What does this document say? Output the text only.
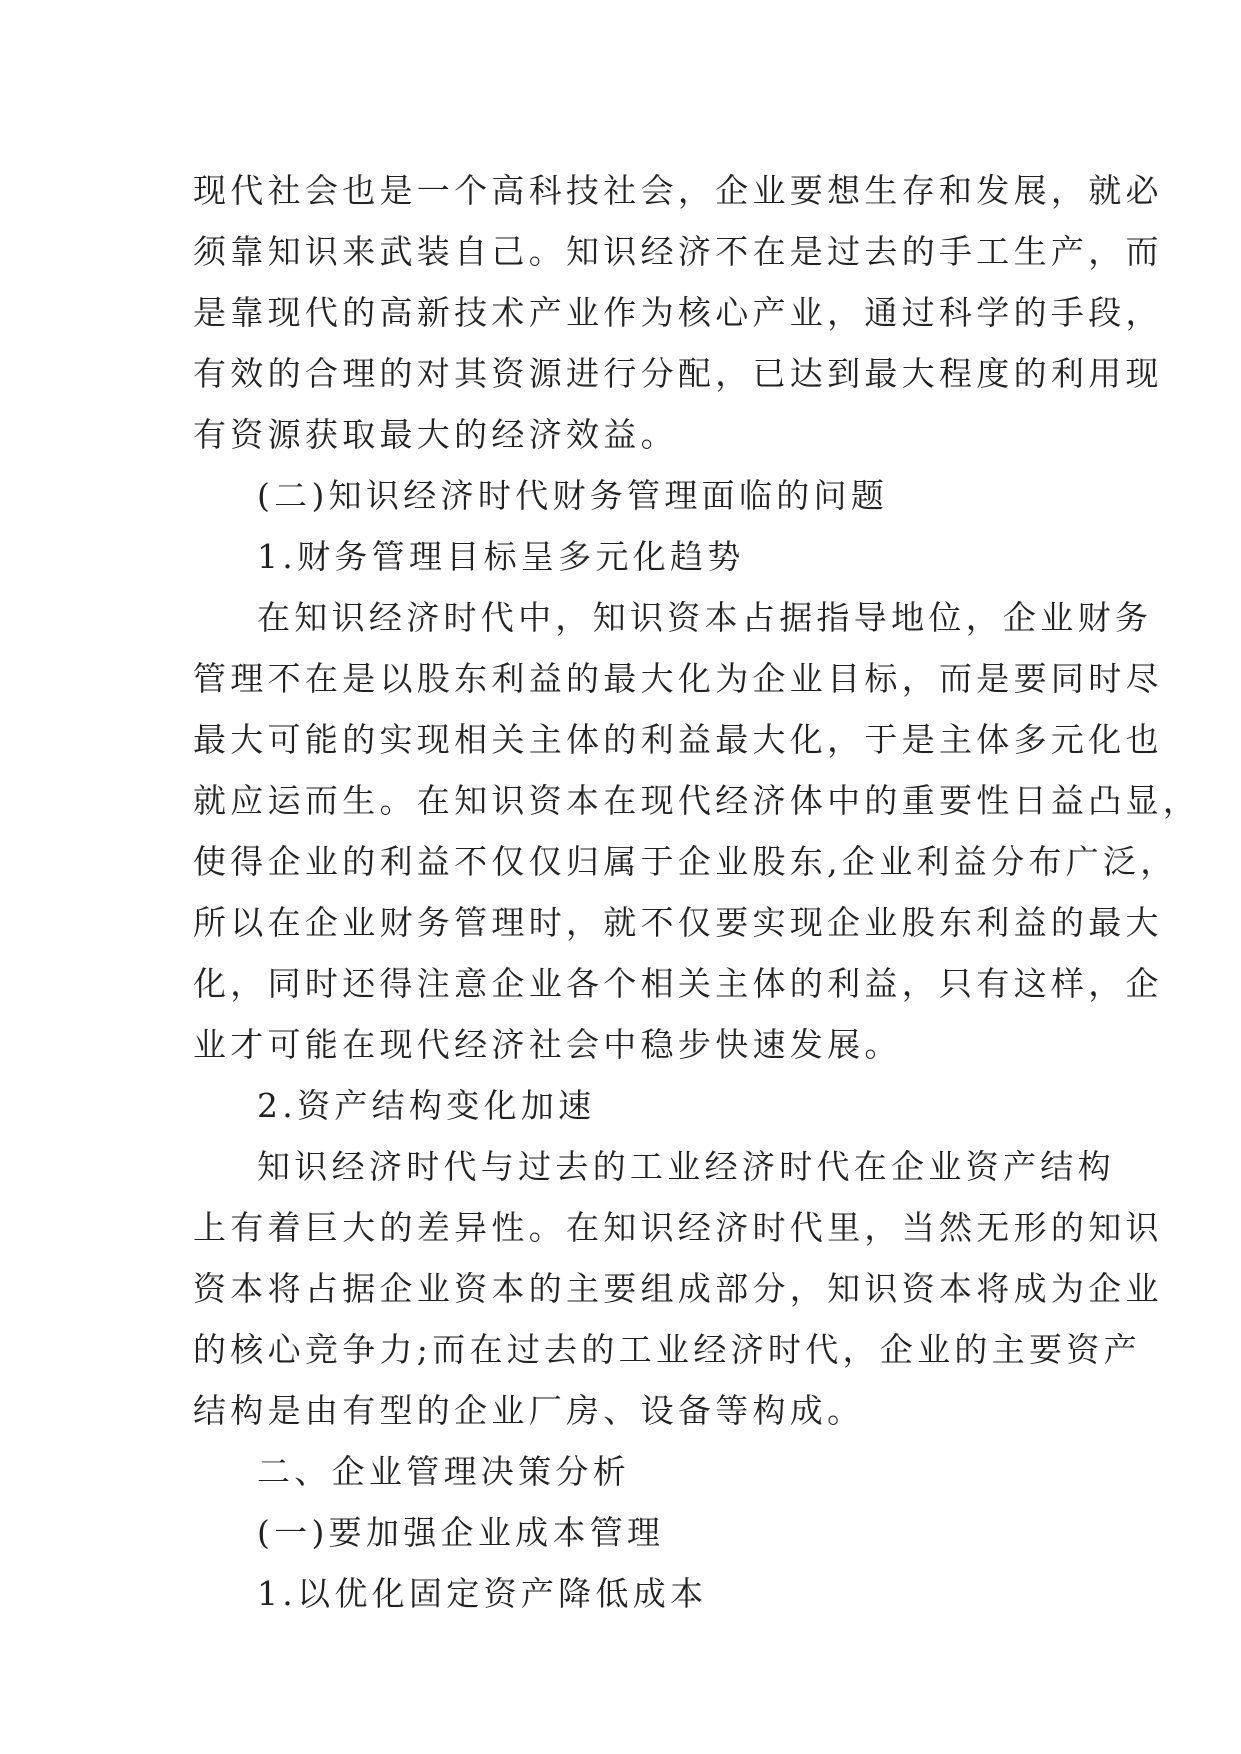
现代社会也是一个高科技社会，企业要想生存和发展，就必
须靠知识来武装自己。知识经济不在是过去的手工生产，而
是靠现代的高新技术产业作为核心产业，通过科学的手段，
有效的合理的对其资源进行分配，已达到最大程度的利用现
有资源获取最大的经济效益。
(二)知识经济时代财务管理面临的问题
1.财务管理目标呈多元化趋势
在知识经济时代中，知识资本占据指导地位，企业财务
管理不在是以股东利益的最大化为企业目标，而是要同时尽
最大可能的实现相关主体的利益最大化，于是主体多元化也
就应运而生。在知识资本在现代经济体中的重要性日益凸显，
使得企业的利益不仅仅归属于企业股东,企业利益分布广泛，
所以在企业财务管理时，就不仅要实现企业股东利益的最大
化，同时还得注意企业各个相关主体的利益，只有这样，企
业才可能在现代经济社会中稳步快速发展。
2.资产结构变化加速
知识经济时代与过去的工业经济时代在企业资产结构
上有着巨大的差异性。在知识经济时代里，当然无形的知识
资本将占据企业资本的主要组成部分，知识资本将成为企业
的核心竞争力;而在过去的工业经济时代，企业的主要资产
结构是由有型的企业厂房、设备等构成。
二、企业管理决策分析
(一)要加强企业成本管理
1.以优化固定资产降低成本
